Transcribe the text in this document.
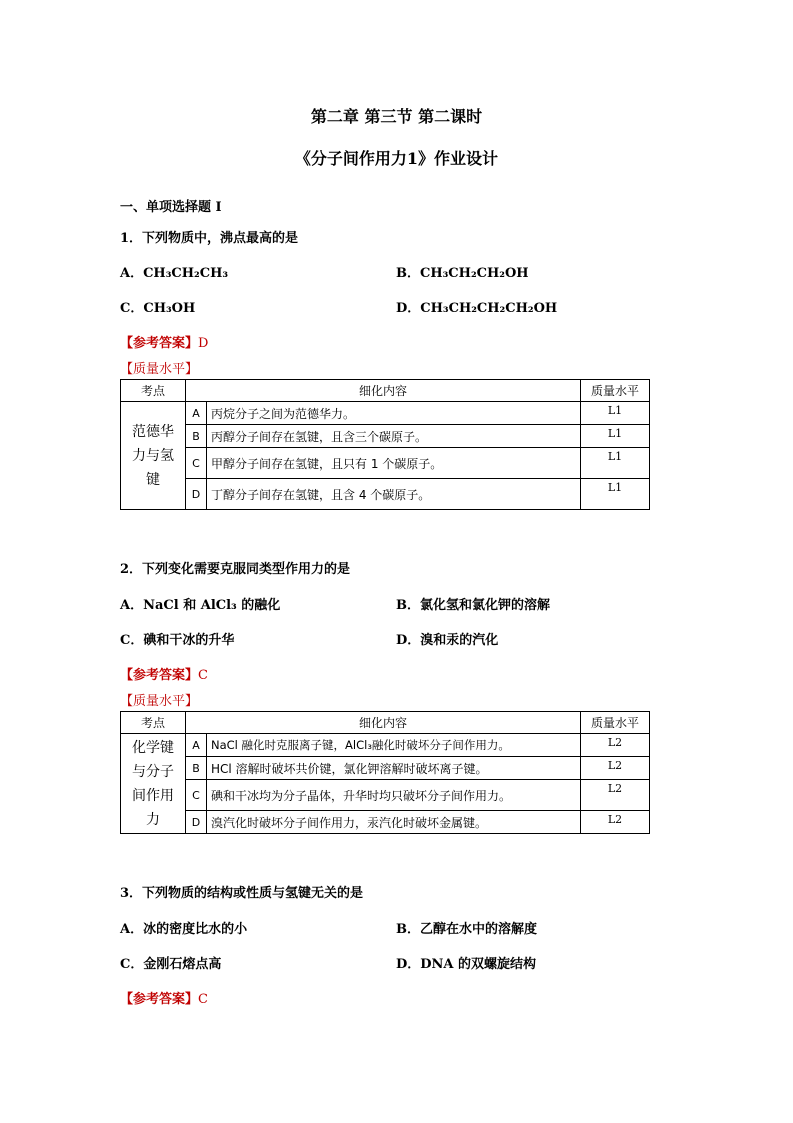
第二章 第三节 第二课时
《分子间作用力1》作业设计
一、单项选择题 I
1．下列物质中，沸点最高的是
A．CH₃CH₂CH₃	B．CH₃CH₂CH₂OH
C．CH₃OH	D．CH₃CH₂CH₂CH₂OH
【参考答案】D
【质量水平】
考点	细化内容		质量水平
范德华力与氢键	A	丙烷分子之间为范德华力。	L1
	B	丙醇分子间存在氢键，且含三个碳原子。	L1
	C	甲醇分子间存在氢键，且只有 1 个碳原子。	L1
	D	丁醇分子间存在氢键，且含 4 个碳原子。	L1
2．下列变化需要克服同类型作用力的是
A．NaCl 和 AlCl₃ 的融化	B．氯化氢和氯化钾的溶解
C．碘和干冰的升华	D．溴和汞的汽化
【参考答案】C
【质量水平】
考点	细化内容		质量水平
化学键与分子间作用力	A	NaCl 融化时克服离子键，AlCl₃融化时破坏分子间作用力。	L2
	B	HCl 溶解时破坏共价键，氯化钾溶解时破坏离子键。	L2
	C	碘和干冰均为分子晶体，升华时均只破坏分子间作用力。	L2
	D	溴汽化时破坏分子间作用力，汞汽化时破坏金属键。	L2
3．下列物质的结构或性质与氢键无关的是
A．冰的密度比水的小	B．乙醇在水中的溶解度
C．金刚石熔点高	D．DNA 的双螺旋结构
【参考答案】C
